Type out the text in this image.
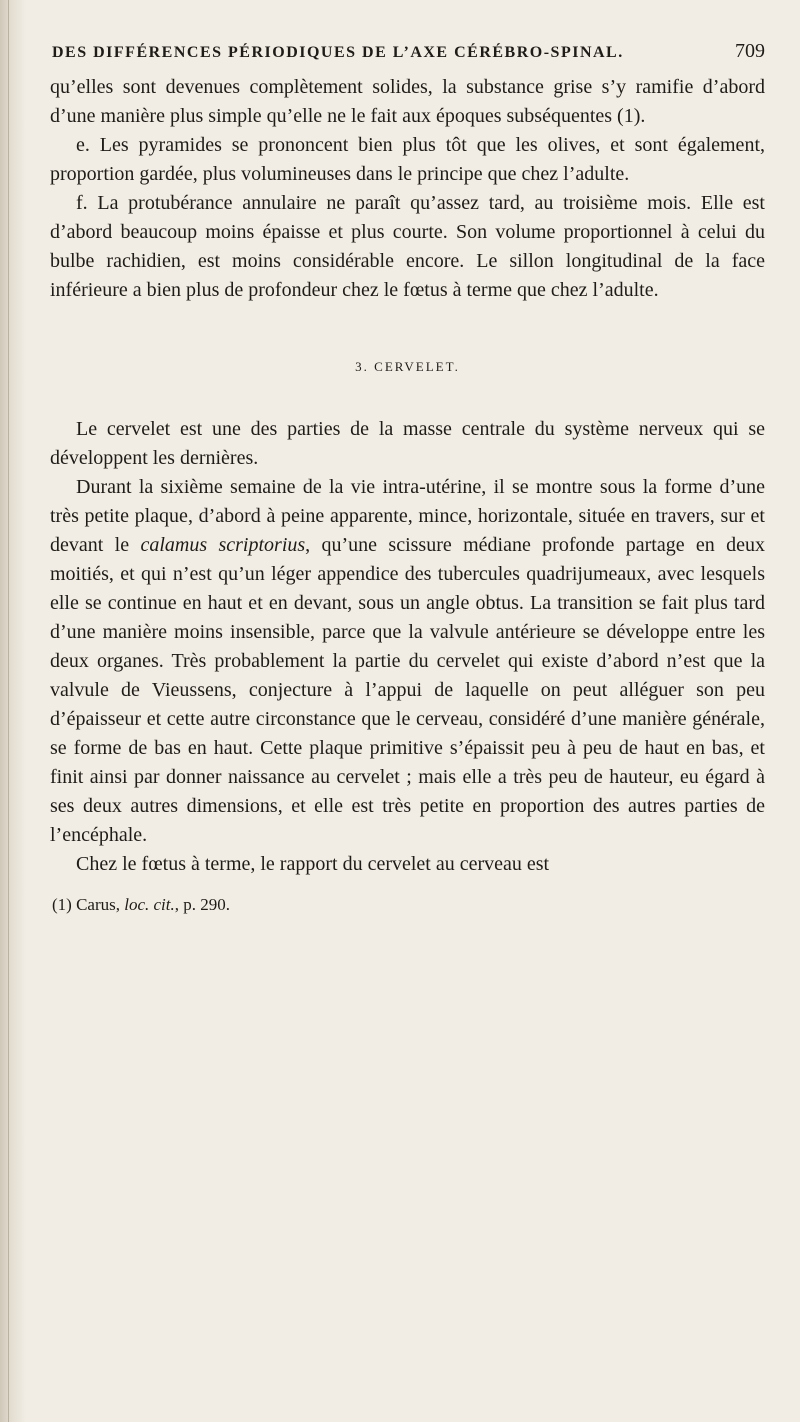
DES DIFFÉRENCES PÉRIODIQUES DE L’AXE CÉRÉBRO-SPINAL.	709

qu’elles sont devenues complètement solides, la substance grise s’y ramifie d’abord d’une manière plus simple qu’elle ne le fait aux époques subséquentes (1).

e. Les pyramides se prononcent bien plus tôt que les olives, et sont également, proportion gardée, plus volumineuses dans le principe que chez l’adulte.

f. La protubérance annulaire ne paraît qu’assez tard, au troisième mois. Elle est d’abord beaucoup moins épaisse et plus courte. Son volume proportionnel à celui du bulbe rachidien, est moins considérable encore. Le sillon longitudinal de la face inférieure a bien plus de profondeur chez le fœtus à terme que chez l’adulte.

3. CERVELET.

Le cervelet est une des parties de la masse centrale du système nerveux qui se développent les dernières.

Durant la sixième semaine de la vie intra-utérine, il se montre sous la forme d’une très petite plaque, d’abord à peine apparente, mince, horizontale, située en travers, sur et devant le calamus scriptorius, qu’une scissure médiane profonde partage en deux moitiés, et qui n’est qu’un léger appendice des tubercules quadrijumeaux, avec lesquels elle se continue en haut et en devant, sous un angle obtus. La transition se fait plus tard d’une manière moins insensible, parce que la valvule antérieure se développe entre les deux organes. Très probablement la partie du cervelet qui existe d’abord n’est que la valvule de Vieussens, conjecture à l’appui de laquelle on peut alléguer son peu d’épaisseur et cette autre circonstance que le cerveau, considéré d’une manière générale, se forme de bas en haut. Cette plaque primitive s’épaissit peu à peu de haut en bas, et finit ainsi par donner naissance au cervelet ; mais elle a très peu de hauteur, eu égard à ses deux autres dimensions, et elle est très petite en proportion des autres parties de l’encéphale.

Chez le fœtus à terme, le rapport du cervelet au cerveau est

(1) Carus, loc. cit., p. 290.
